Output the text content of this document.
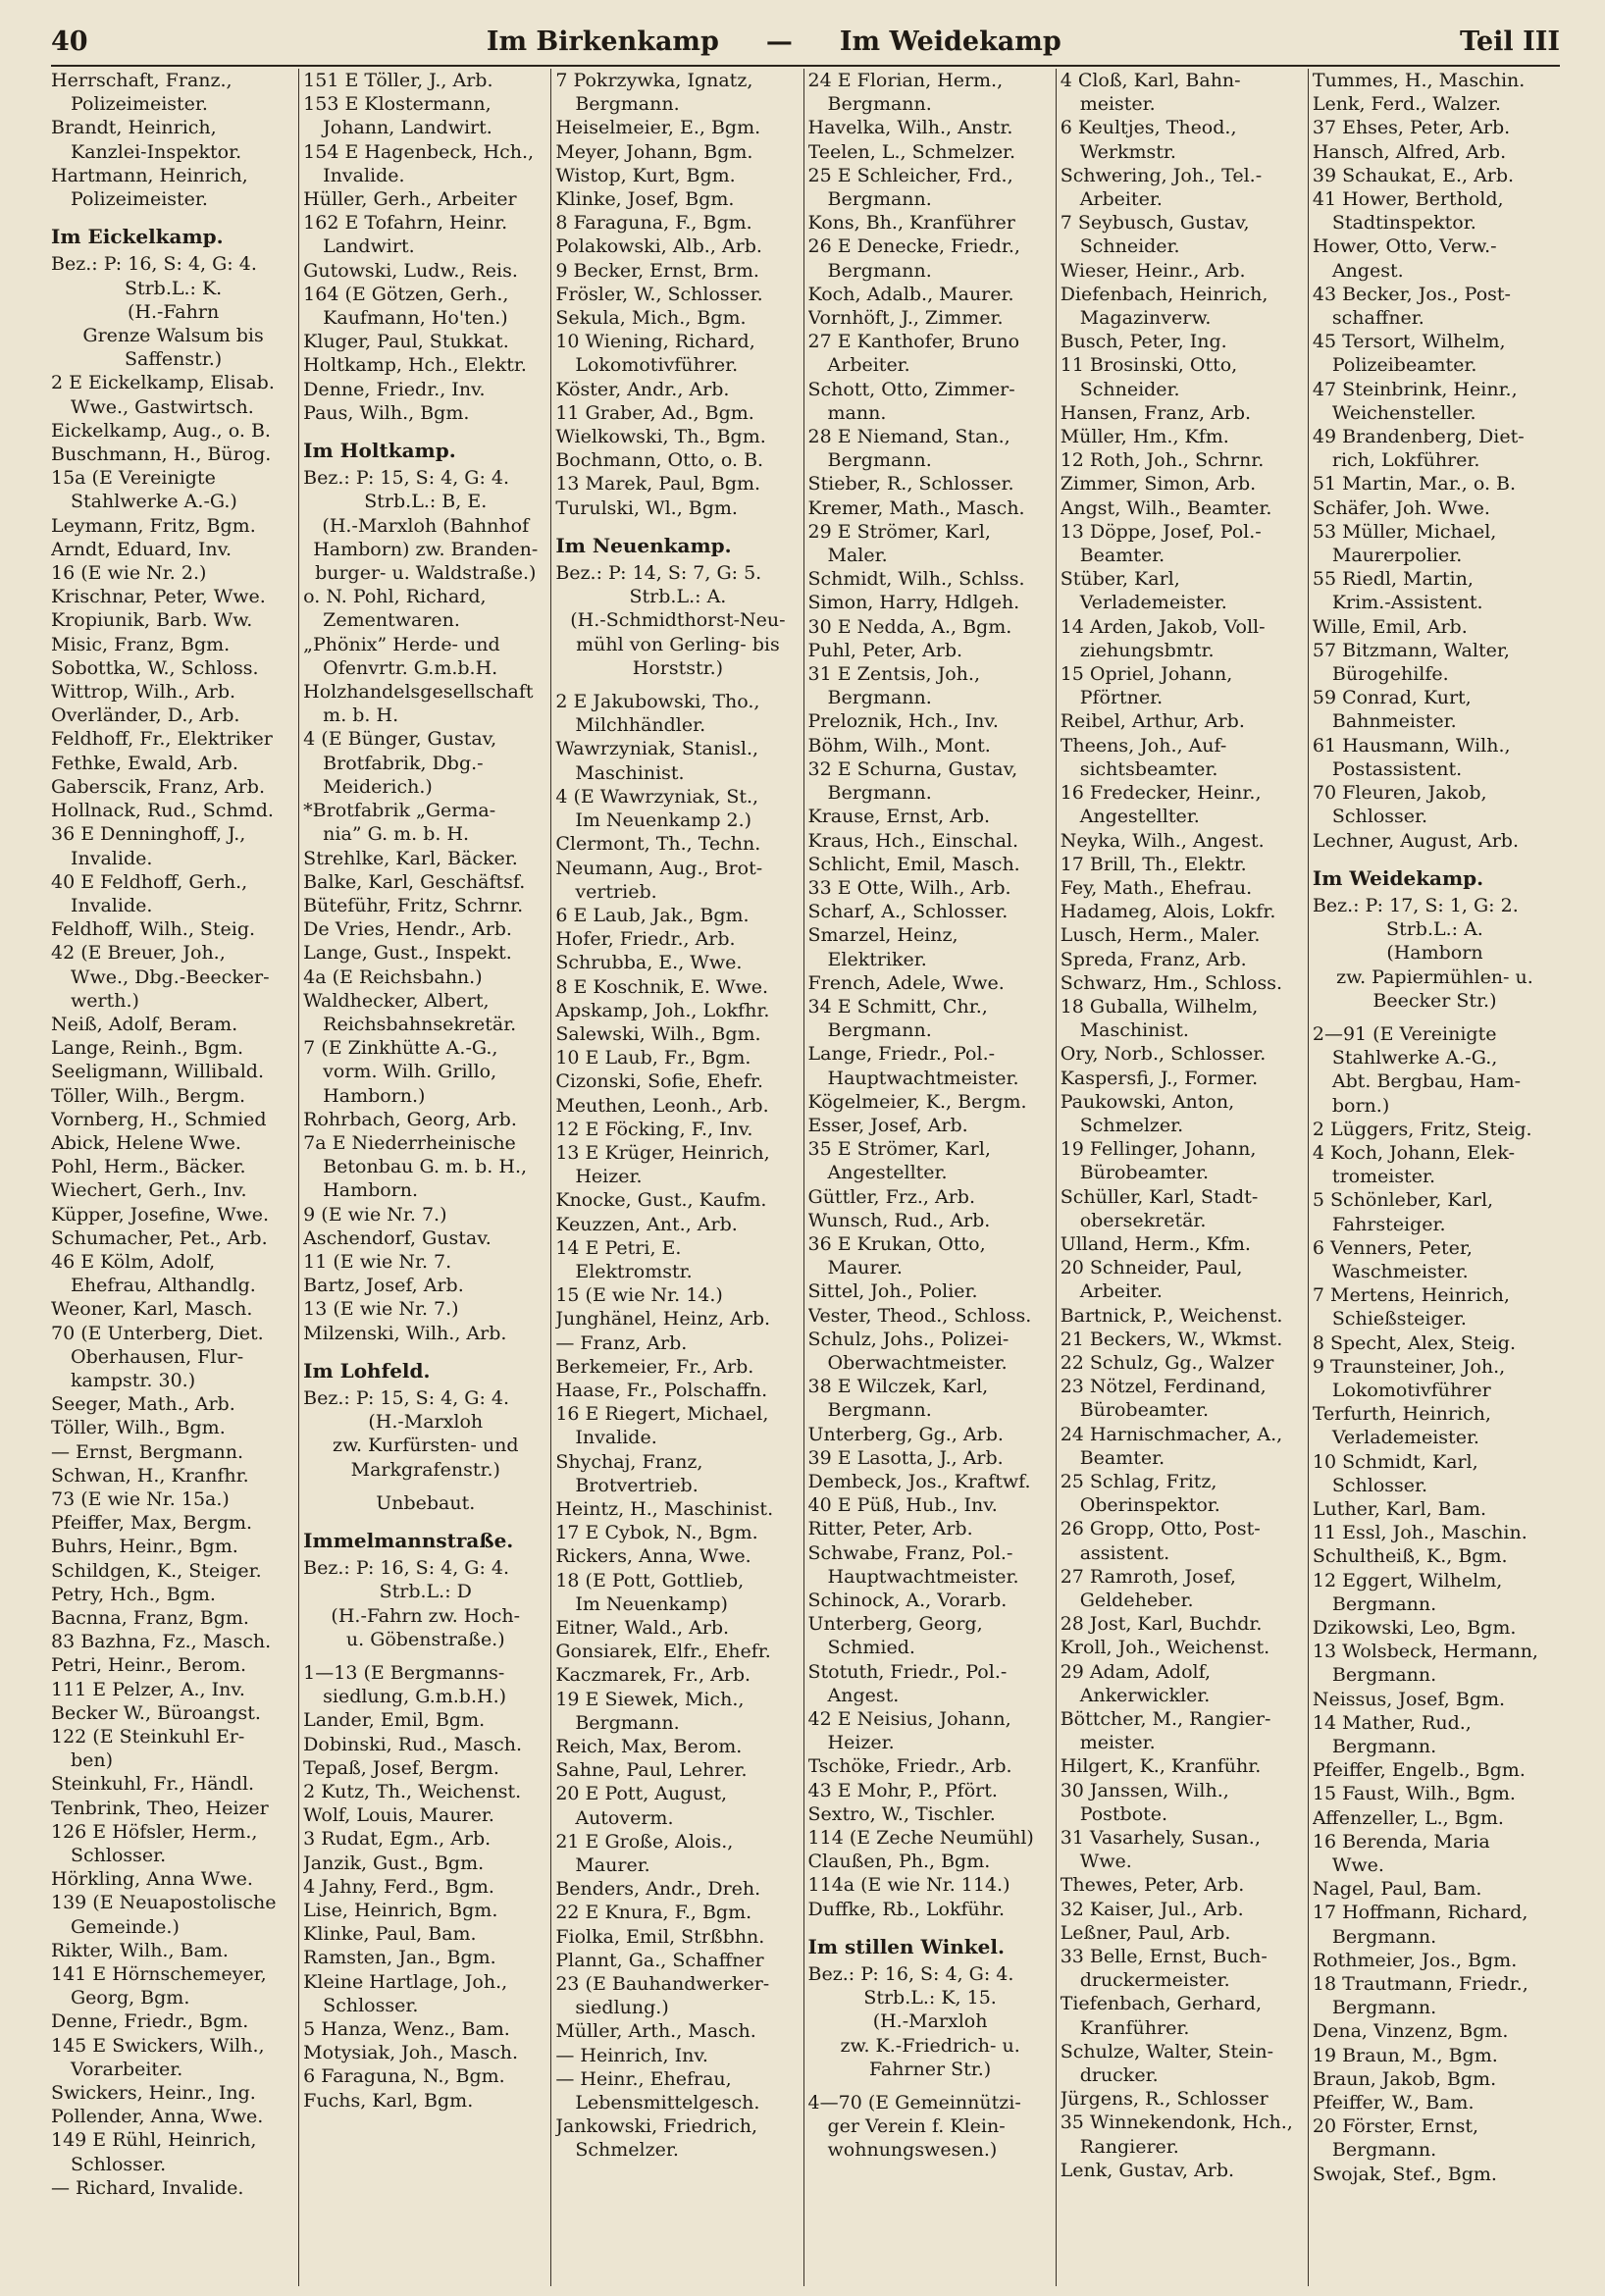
40	Im Birkenkamp — Im Weidekamp	Teil III
Herrschaft, Franz.,
Polizeimeister.
Brandt, Heinrich,
Kanzlei-Inspektor.
Hartmann, Heinrich,
Polizeimeister.
Im Eickelkamp.
Bez.: P: 16, S: 4, G: 4.
Strb.L.: K.
(H.-Fahrn
Grenze Walsum bis
Saffenstr.)
2 E Eickelkamp, Elisab.
Wwe., Gastwirtsch.
Eickelkamp, Aug., o. B.
Buschmann, H., Bürog.
15a (E Vereinigte
Stahlwerke A.-G.)
Leymann, Fritz, Bgm.
Arndt, Eduard, Inv.
16 (E wie Nr. 2.)
Krischnar, Peter, Wwe.
Kropiunik, Barb. Ww.
Misic, Franz, Bgm.
Sobottka, W., Schloss.
Wittrop, Wilh., Arb.
Overländer, D., Arb.
Feldhoff, Fr., Elektriker
Fethke, Ewald, Arb.
Gaberscik, Franz, Arb.
Hollnack, Rud., Schmd.
36 E Denninghoff, J.,
Invalide.
40 E Feldhoff, Gerh.,
Invalide.
Feldhoff, Wilh., Steig.
42 (E Breuer, Joh.,
Wwe., Dbg.-Beecker-
werth.)
Neiß, Adolf, Beram.
Lange, Reinh., Bgm.
Seeligmann, Willibald.
Töller, Wilh., Bergm.
Vornberg, H., Schmied
Abick, Helene Wwe.
Pohl, Herm., Bäcker.
Wiechert, Gerh., Inv.
Küpper, Josefine, Wwe.
Schumacher, Pet., Arb.
46 E Kölm, Adolf,
Ehefrau, Althandlg.
Weoner, Karl, Masch.
70 (E Unterberg, Diet.
Oberhausen, Flur-
kampstr. 30.)
Seeger, Math., Arb.
Töller, Wilh., Bgm.
— Ernst, Bergmann.
Schwan, H., Kranfhr.
73 (E wie Nr. 15a.)
Pfeiffer, Max, Bergm.
Buhrs, Heinr., Bgm.
Schildgen, K., Steiger.
Petry, Hch., Bgm.
Bacnna, Franz, Bgm.
83 Bazhna, Fz., Masch.
Petri, Heinr., Berom.
111 E Pelzer, A., Inv.
Becker W., Büroangst.
122 (E Steinkuhl Er-
ben)
Steinkuhl, Fr., Händl.
Tenbrink, Theo, Heizer
126 E Höfsler, Herm.,
Schlosser.
Hörkling, Anna Wwe.
139 (E Neuapostolische
Gemeinde.)
Rikter, Wilh., Bam.
141 E Hörnschemeyer,
Georg, Bgm.
Denne, Friedr., Bgm.
145 E Swickers, Wilh.,
Vorarbeiter.
Swickers, Heinr., Ing.
Pollender, Anna, Wwe.
149 E Rühl, Heinrich,
Schlosser.
— Richard, Invalide.
151 E Töller, J., Arb.
153 E Klostermann,
Johann, Landwirt.
154 E Hagenbeck, Hch.,
Invalide.
Hüller, Gerh., Arbeiter
162 E Tofahrn, Heinr.
Landwirt.
Gutowski, Ludw., Reis.
164 (E Götzen, Gerh.,
Kaufmann, Ho'ten.)
Kluger, Paul, Stukkat.
Holtkamp, Hch., Elektr.
Denne, Friedr., Inv.
Paus, Wilh., Bgm.
Im Holtkamp.
Bez.: P: 15, S: 4, G: 4.
Strb.L.: B, E.
(H.-Marxloh (Bahnhof
Hamborn) zw. Branden-
burger- u. Waldstraße.)
o. N. Pohl, Richard,
Zementwaren.
„Phönix” Herde- und
Ofenvrtr. G.m.b.H.
Holzhandelsgesellschaft
m. b. H.
4 (E Bünger, Gustav,
Brotfabrik, Dbg.-
Meiderich.)
*Brotfabrik „Germa-
nia” G. m. b. H.
Strehlke, Karl, Bäcker.
Balke, Karl, Geschäftsf.
Büteführ, Fritz, Schrnr.
De Vries, Hendr., Arb.
Lange, Gust., Inspekt.
4a (E Reichsbahn.)
Waldhecker, Albert,
Reichsbahnsekretär.
7 (E Zinkhütte A.-G.,
vorm. Wilh. Grillo,
Hamborn.)
Rohrbach, Georg, Arb.
7a E Niederrheinische
Betonbau G. m. b. H.,
Hamborn.
9 (E wie Nr. 7.)
Aschendorf, Gustav.
11 (E wie Nr. 7.
Bartz, Josef, Arb.
13 (E wie Nr. 7.)
Milzenski, Wilh., Arb.
Im Lohfeld.
Bez.: P: 15, S: 4, G: 4.
(H.-Marxloh
zw. Kurfürsten- und
Markgrafenstr.)
Unbebaut.
Immelmannstraße.
Bez.: P: 16, S: 4, G: 4.
Strb.L.: D
(H.-Fahrn zw. Hoch-
u. Göbenstraße.)
1—13 (E Bergmanns-
siedlung, G.m.b.H.)
Lander, Emil, Bgm.
Dobinski, Rud., Masch.
Tepaß, Josef, Bergm.
2 Kutz, Th., Weichenst.
Wolf, Louis, Maurer.
3 Rudat, Egm., Arb.
Janzik, Gust., Bgm.
4 Jahny, Ferd., Bgm.
Lise, Heinrich, Bgm.
Klinke, Paul, Bam.
Ramsten, Jan., Bgm.
Kleine Hartlage, Joh.,
Schlosser.
5 Hanza, Wenz., Bam.
Motysiak, Joh., Masch.
6 Faraguna, N., Bgm.
Fuchs, Karl, Bgm.
7 Pokrzywka, Ignatz,
Bergmann.
Heiselmeier, E., Bgm.
Meyer, Johann, Bgm.
Wistop, Kurt, Bgm.
Klinke, Josef, Bgm.
8 Faraguna, F., Bgm.
Polakowski, Alb., Arb.
9 Becker, Ernst, Brm.
Frösler, W., Schlosser.
Sekula, Mich., Bgm.
10 Wiening, Richard,
Lokomotivführer.
Köster, Andr., Arb.
11 Graber, Ad., Bgm.
Wielkowski, Th., Bgm.
Bochmann, Otto, o. B.
13 Marek, Paul, Bgm.
Turulski, Wl., Bgm.
Im Neuenkamp.
Bez.: P: 14, S: 7, G: 5.
Strb.L.: A.
(H.-Schmidthorst-Neu-
mühl von Gerling- bis
Horststr.)
2 E Jakubowski, Tho.,
Milchhändler.
Wawrzyniak, Stanisl.,
Maschinist.
4 (E Wawrzyniak, St.,
Im Neuenkamp 2.)
Clermont, Th., Techn.
Neumann, Aug., Brot-
vertrieb.
6 E Laub, Jak., Bgm.
Hofer, Friedr., Arb.
Schrubba, E., Wwe.
8 E Koschnik, E. Wwe.
Apskamp, Joh., Lokfhr.
Salewski, Wilh., Bgm.
10 E Laub, Fr., Bgm.
Cizonski, Sofie, Ehefr.
Meuthen, Leonh., Arb.
12 E Föcking, F., Inv.
13 E Krüger, Heinrich,
Heizer.
Knocke, Gust., Kaufm.
Keuzzen, Ant., Arb.
14 E Petri, E.
Elektromstr.
15 (E wie Nr. 14.)
Junghänel, Heinz, Arb.
— Franz, Arb.
Berkemeier, Fr., Arb.
Haase, Fr., Polschaffn.
16 E Riegert, Michael,
Invalide.
Shychaj, Franz,
Brotvertrieb.
Heintz, H., Maschinist.
17 E Cybok, N., Bgm.
Rickers, Anna, Wwe.
18 (E Pott, Gottlieb,
Im Neuenkamp)
Eitner, Wald., Arb.
Gonsiarek, Elfr., Ehefr.
Kaczmarek, Fr., Arb.
19 E Siewek, Mich.,
Bergmann.
Reich, Max, Berom.
Sahne, Paul, Lehrer.
20 E Pott, August,
Autoverm.
21 E Große, Alois.,
Maurer.
Benders, Andr., Dreh.
22 E Knura, F., Bgm.
Fiolka, Emil, Strßbhn.
Plannt, Ga., Schaffner
23 (E Bauhandwerker-
siedlung.)
Müller, Arth., Masch.
— Heinrich, Inv.
— Heinr., Ehefrau,
Lebensmittelgesch.
Jankowski, Friedrich,
Schmelzer.
24 E Florian, Herm.,
Bergmann.
Havelka, Wilh., Anstr.
Teelen, L., Schmelzer.
25 E Schleicher, Frd.,
Bergmann.
Kons, Bh., Kranführer
26 E Denecke, Friedr.,
Bergmann.
Koch, Adalb., Maurer.
Vornhöft, J., Zimmer.
27 E Kanthofer, Bruno
Arbeiter.
Schott, Otto, Zimmer-
mann.
28 E Niemand, Stan.,
Bergmann.
Stieber, R., Schlosser.
Kremer, Math., Masch.
29 E Strömer, Karl,
Maler.
Schmidt, Wilh., Schlss.
Simon, Harry, Hdlgeh.
30 E Nedda, A., Bgm.
Puhl, Peter, Arb.
31 E Zentsis, Joh.,
Bergmann.
Preloznik, Hch., Inv.
Böhm, Wilh., Mont.
32 E Schurna, Gustav,
Bergmann.
Krause, Ernst, Arb.
Kraus, Hch., Einschal.
Schlicht, Emil, Masch.
33 E Otte, Wilh., Arb.
Scharf, A., Schlosser.
Smarzel, Heinz,
Elektriker.
French, Adele, Wwe.
34 E Schmitt, Chr.,
Bergmann.
Lange, Friedr., Pol.-
Hauptwachtmeister.
Kögelmeier, K., Bergm.
Esser, Josef, Arb.
35 E Strömer, Karl,
Angestellter.
Güttler, Frz., Arb.
Wunsch, Rud., Arb.
36 E Krukan, Otto,
Maurer.
Sittel, Joh., Polier.
Vester, Theod., Schloss.
Schulz, Johs., Polizei-
Oberwachtmeister.
38 E Wilczek, Karl,
Bergmann.
Unterberg, Gg., Arb.
39 E Lasotta, J., Arb.
Dembeck, Jos., Kraftwf.
40 E Püß, Hub., Inv.
Ritter, Peter, Arb.
Schwabe, Franz, Pol.-
Hauptwachtmeister.
Schinock, A., Vorarb.
Unterberg, Georg,
Schmied.
Stotuth, Friedr., Pol.-
Angest.
42 E Neisius, Johann,
Heizer.
Tschöke, Friedr., Arb.
43 E Mohr, P., Pfört.
Sextro, W., Tischler.
114 (E Zeche Neumühl)
Claußen, Ph., Bgm.
114a (E wie Nr. 114.)
Duffke, Rb., Lokführ.
Im stillen Winkel.
Bez.: P: 16, S: 4, G: 4.
Strb.L.: K, 15.
(H.-Marxloh
zw. K.-Friedrich- u.
Fahrner Str.)
4—70 (E Gemeinnützi-
ger Verein f. Klein-
wohnungswesen.)
4 Cloß, Karl, Bahn-
meister.
6 Keultjes, Theod.,
Werkmstr.
Schwering, Joh., Tel.-
Arbeiter.
7 Seybusch, Gustav,
Schneider.
Wieser, Heinr., Arb.
Diefenbach, Heinrich,
Magazinverw.
Busch, Peter, Ing.
11 Brosinski, Otto,
Schneider.
Hansen, Franz, Arb.
Müller, Hm., Kfm.
12 Roth, Joh., Schrnr.
Zimmer, Simon, Arb.
Angst, Wilh., Beamter.
13 Döppe, Josef, Pol.-
Beamter.
Stüber, Karl,
Verlademeister.
14 Arden, Jakob, Voll-
ziehungsbmtr.
15 Opriel, Johann,
Pförtner.
Reibel, Arthur, Arb.
Theens, Joh., Auf-
sichtsbeamter.
16 Fredecker, Heinr.,
Angestellter.
Neyka, Wilh., Angest.
17 Brill, Th., Elektr.
Fey, Math., Ehefrau.
Hadameg, Alois, Lokfr.
Lusch, Herm., Maler.
Spreda, Franz, Arb.
Schwarz, Hm., Schloss.
18 Guballa, Wilhelm,
Maschinist.
Ory, Norb., Schlosser.
Kaspersfi, J., Former.
Paukowski, Anton,
Schmelzer.
19 Fellinger, Johann,
Bürobeamter.
Schüller, Karl, Stadt-
obersekretär.
Ulland, Herm., Kfm.
20 Schneider, Paul,
Arbeiter.
Bartnick, P., Weichenst.
21 Beckers, W., Wkmst.
22 Schulz, Gg., Walzer
23 Nötzel, Ferdinand,
Bürobeamter.
24 Harnischmacher, A.,
Beamter.
25 Schlag, Fritz,
Oberinspektor.
26 Gropp, Otto, Post-
assistent.
27 Ramroth, Josef,
Geldeheber.
28 Jost, Karl, Buchdr.
Kroll, Joh., Weichenst.
29 Adam, Adolf,
Ankerwickler.
Böttcher, M., Rangier-
meister.
Hilgert, K., Kranführ.
30 Janssen, Wilh.,
Postbote.
31 Vasarhely, Susan.,
Wwe.
Thewes, Peter, Arb.
32 Kaiser, Jul., Arb.
Leßner, Paul, Arb.
33 Belle, Ernst, Buch-
druckermeister.
Tiefenbach, Gerhard,
Kranführer.
Schulze, Walter, Stein-
drucker.
Jürgens, R., Schlosser
35 Winnekendonk, Hch.,
Rangierer.
Lenk, Gustav, Arb.
Tummes, H., Maschin.
Lenk, Ferd., Walzer.
37 Ehses, Peter, Arb.
Hansch, Alfred, Arb.
39 Schaukat, E., Arb.
41 Hower, Berthold,
Stadtinspektor.
Hower, Otto, Verw.-
Angest.
43 Becker, Jos., Post-
schaffner.
45 Tersort, Wilhelm,
Polizeibeamter.
47 Steinbrink, Heinr.,
Weichensteller.
49 Brandenberg, Diet-
rich, Lokführer.
51 Martin, Mar., o. B.
Schäfer, Joh. Wwe.
53 Müller, Michael,
Maurerpolier.
55 Riedl, Martin,
Krim.-Assistent.
Wille, Emil, Arb.
57 Bitzmann, Walter,
Bürogehilfe.
59 Conrad, Kurt,
Bahnmeister.
61 Hausmann, Wilh.,
Postassistent.
70 Fleuren, Jakob,
Schlosser.
Lechner, August, Arb.
Im Weidekamp.
Bez.: P: 17, S: 1, G: 2.
Strb.L.: A.
(Hamborn
zw. Papiermühlen- u.
Beecker Str.)
2—91 (E Vereinigte
Stahlwerke A.-G.,
Abt. Bergbau, Ham-
born.)
2 Lüggers, Fritz, Steig.
4 Koch, Johann, Elek-
tromeister.
5 Schönleber, Karl,
Fahrsteiger.
6 Venners, Peter,
Waschmeister.
7 Mertens, Heinrich,
Schießsteiger.
8 Specht, Alex, Steig.
9 Traunsteiner, Joh.,
Lokomotivführer
Terfurth, Heinrich,
Verlademeister.
10 Schmidt, Karl,
Schlosser.
Luther, Karl, Bam.
11 Essl, Joh., Maschin.
Schultheiß, K., Bgm.
12 Eggert, Wilhelm,
Bergmann.
Dzikowski, Leo, Bgm.
13 Wolsbeck, Hermann,
Bergmann.
Neissus, Josef, Bgm.
14 Mather, Rud.,
Bergmann.
Pfeiffer, Engelb., Bgm.
15 Faust, Wilh., Bgm.
Affenzeller, L., Bgm.
16 Berenda, Maria
Wwe.
Nagel, Paul, Bam.
17 Hoffmann, Richard,
Bergmann.
Rothmeier, Jos., Bgm.
18 Trautmann, Friedr.,
Bergmann.
Dena, Vinzenz, Bgm.
19 Braun, M., Bgm.
Braun, Jakob, Bgm.
Pfeiffer, W., Bam.
20 Förster, Ernst,
Bergmann.
Swojak, Stef., Bgm.
